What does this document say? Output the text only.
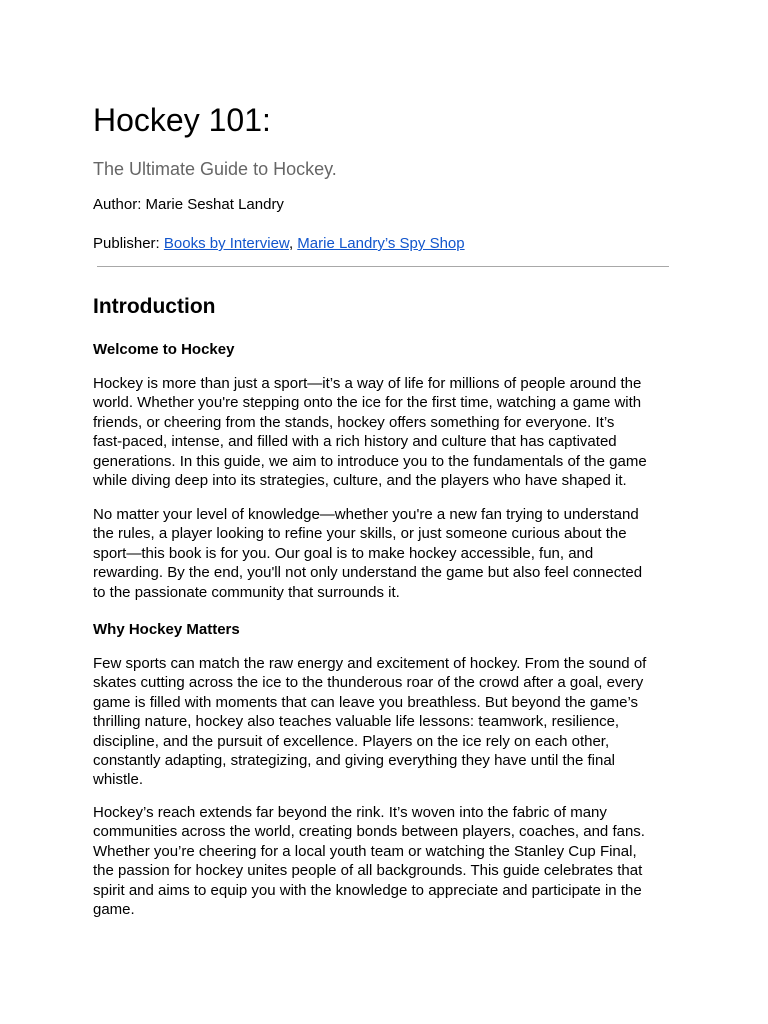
Hockey 101:

The Ultimate Guide to Hockey.

Author: Marie Seshat Landry

Publisher: Books by Interview, Marie Landry’s Spy Shop

Introduction
Welcome to Hockey

Hockey is more than just a sport—it’s a way of life for millions of people around the
world. Whether you're stepping onto the ice for the first time, watching a game with
friends, or cheering from the stands, hockey offers something for everyone. It’s
fast-paced, intense, and filled with a rich history and culture that has captivated
generations. In this guide, we aim to introduce you to the fundamentals of the game
while diving deep into its strategies, culture, and the players who have shaped it.

No matter your level of knowledge—whether you're a new fan trying to understand
the rules, a player looking to refine your skills, or just someone curious about the
sport—this book is for you. Our goal is to make hockey accessible, fun, and
rewarding. By the end, you'll not only understand the game but also feel connected
to the passionate community that surrounds it.

Why Hockey Matters

Few sports can match the raw energy and excitement of hockey. From the sound of
skates cutting across the ice to the thunderous roar of the crowd after a goal, every
game is filled with moments that can leave you breathless. But beyond the game’s
thrilling nature, hockey also teaches valuable life lessons: teamwork, resilience,
discipline, and the pursuit of excellence. Players on the ice rely on each other,
constantly adapting, strategizing, and giving everything they have until the final
whistle.

Hockey’s reach extends far beyond the rink. It’s woven into the fabric of many
communities across the world, creating bonds between players, coaches, and fans.
Whether you’re cheering for a local youth team or watching the Stanley Cup Final,
the passion for hockey unites people of all backgrounds. This guide celebrates that
spirit and aims to equip you with the knowledge to appreciate and participate in the
game.
